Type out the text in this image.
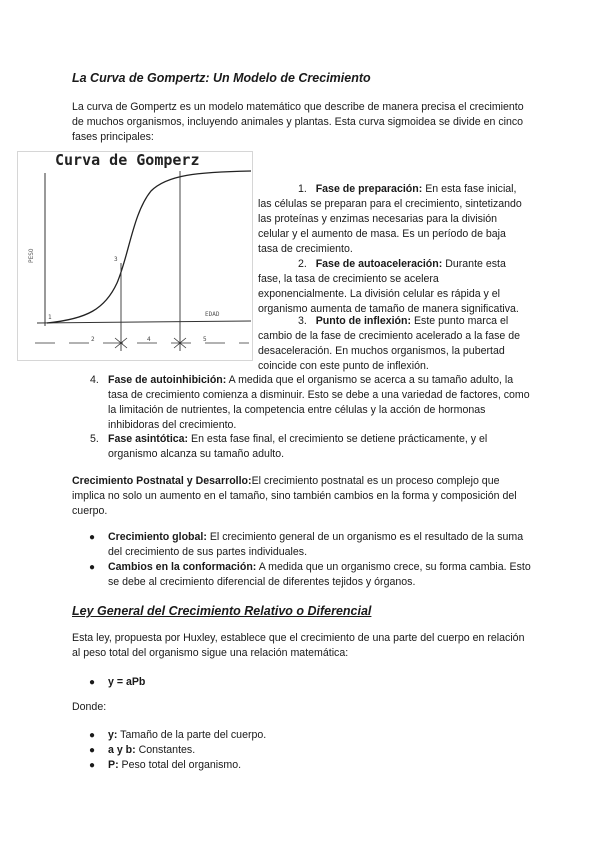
La Curva de Gompertz: Un Modelo de Crecimiento

La curva de Gompertz es un modelo matemático que describe de manera precisa el crecimiento de muchos organismos, incluyendo animales y plantas. Esta curva sigmoidea se divide en cinco fases principales:

Curva de Gomperz
PESO
EDAD
1
2
3
4	5

1. Fase de preparación: En esta fase inicial, las células se preparan para el crecimiento, sintetizando las proteínas y enzimas necesarias para la división celular y el aumento de masa. Es un período de baja tasa de crecimiento.

2. Fase de autoaceleración: Durante esta fase, la tasa de crecimiento se acelera exponencialmente. La división celular es rápida y el organismo aumenta de tamaño de manera significativa.

3. Punto de inflexión: Este punto marca el cambio de la fase de crecimiento acelerado a la fase de desaceleración. En muchos organismos, la pubertad coincide con este punto de inflexión.

4. Fase de autoinhibición: A medida que el organismo se acerca a su tamaño adulto, la tasa de crecimiento comienza a disminuir. Esto se debe a una variedad de factores, como la limitación de nutrientes, la competencia entre células y la acción de hormonas inhibidoras del crecimiento.
5. Fase asintótica: En esta fase final, el crecimiento se detiene prácticamente, y el organismo alcanza su tamaño adulto.

Crecimiento Postnatal y Desarrollo:El crecimiento postnatal es un proceso complejo que implica no solo un aumento en el tamaño, sino también cambios en la forma y composición del cuerpo.

● Crecimiento global: El crecimiento general de un organismo es el resultado de la suma del crecimiento de sus partes individuales.
● Cambios en la conformación: A medida que un organismo crece, su forma cambia. Esto se debe al crecimiento diferencial de diferentes tejidos y órganos.
Ley General del Crecimiento Relativo o Diferencial

Esta ley, propuesta por Huxley, establece que el crecimiento de una parte del cuerpo en relación al peso total del organismo sigue una relación matemática:

● y = aPb

Donde:

● y: Tamaño de la parte del cuerpo.
● a y b: Constantes.
● P: Peso total del organismo.
